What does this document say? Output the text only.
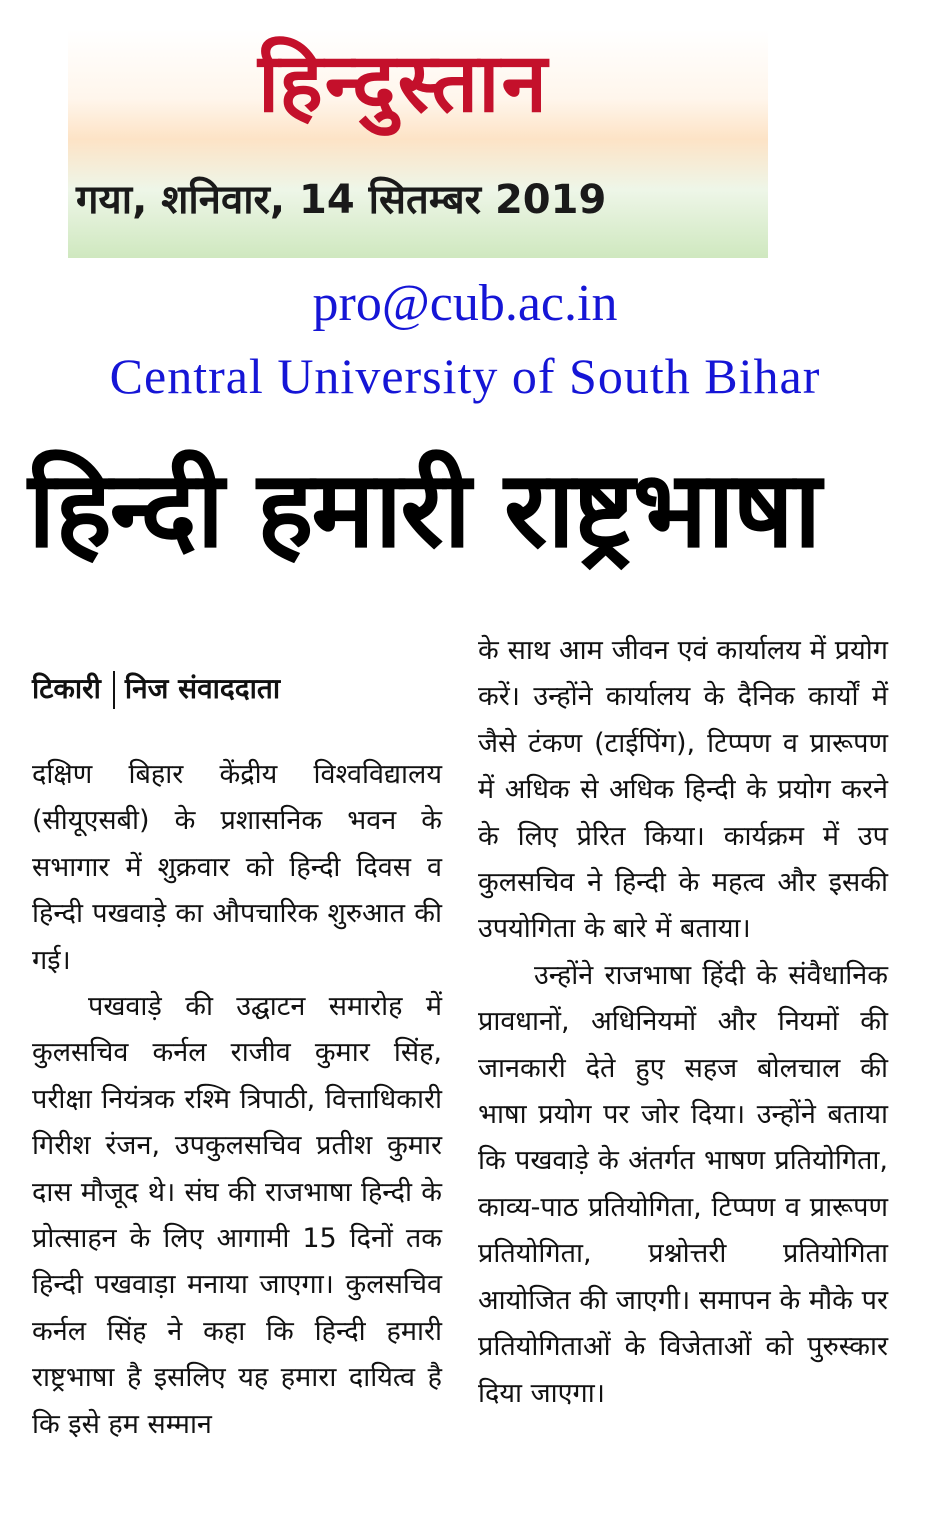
हिन्दुस्तान
गया, शनिवार, 14 सितम्बर 2019
pro@cub.ac.in
Central University of South Bihar
हिन्दी हमारी राष्ट्रभाषा
टिकारी निज संवाददाता

दक्षिण बिहार केंद्रीय विश्वविद्यालय (सीयूएसबी) के प्रशासनिक भवन के सभागार में शुक्रवार को हिन्दी दिवस व हिन्दी पखवाड़े का औपचारिक शुरुआत की गई।

पखवाड़े की उद्घाटन समारोह में कुलसचिव कर्नल राजीव कुमार सिंह, परीक्षा नियंत्रक रश्मि त्रिपाठी, वित्ताधिकारी गिरीश रंजन, उपकुलसचिव प्रतीश कुमार दास मौजूद थे। संघ की राजभाषा हिन्दी के प्रोत्साहन के लिए आगामी 15 दिनों तक हिन्दी पखवाड़ा मनाया जाएगा। कुलसचिव कर्नल सिंह ने कहा कि हिन्दी हमारी राष्ट्रभाषा है इसलिए यह हमारा दायित्व है कि इसे हम सम्मान

के साथ आम जीवन एवं कार्यालय में प्रयोग करें। उन्होंने कार्यालय के दैनिक कार्यों में जैसे टंकण (टाईपिंग), टिप्पण व प्रारूपण में अधिक से अधिक हिन्दी के प्रयोग करने के लिए प्रेरित किया। कार्यक्रम में उप कुलसचिव ने हिन्दी के महत्व और इसकी उपयोगिता के बारे में बताया।

उन्होंने राजभाषा हिंदी के संवैधानिक प्रावधानों, अधिनियमों और नियमों की जानकारी देते हुए सहज बोलचाल की भाषा प्रयोग पर जोर दिया। उन्होंने बताया कि पखवाड़े के अंतर्गत भाषण प्रतियोगिता, काव्य-पाठ प्रतियोगिता, टिप्पण व प्रारूपण प्रतियोगिता, प्रश्नोत्तरी प्रतियोगिता आयोजित की जाएगी। समापन के मौके पर प्रतियोगिताओं के विजेताओं को पुरुस्कार दिया जाएगा।
